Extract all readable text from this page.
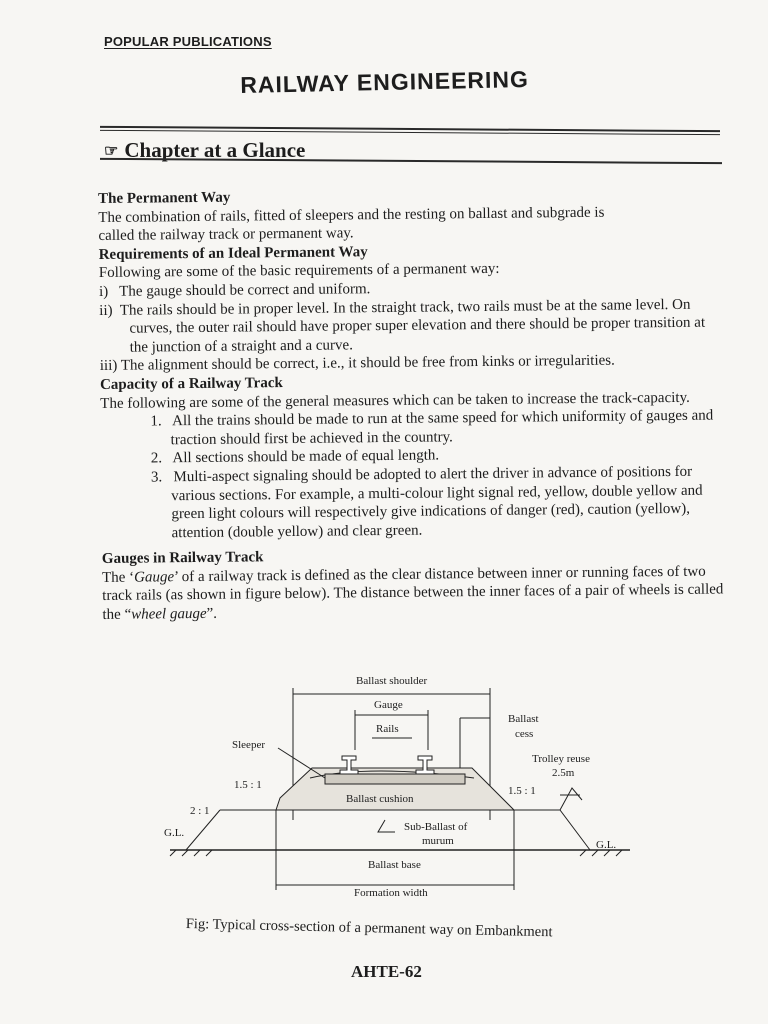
POPULAR PUBLICATIONS
RAILWAY ENGINEERING
☞ Chapter at a Glance

The Permanent Way

The combination of rails, fitted of sleepers and the resting on ballast and subgrade is

called the railway track or permanent way.

Requirements of an Ideal Permanent Way

Following are some of the basic requirements of a permanent way:

i)   The gauge should be correct and uniform.

ii)  The rails should be in proper level. In the straight track, two rails must be at the same level. On curves, the outer rail should have proper super elevation and there should be proper transition at the junction of a straight and a curve.

iii) The alignment should be correct, i.e., it should be free from kinks or irregularities.

Capacity of a Railway Track

The following are some of the general measures which can be taken to increase the track-capacity.

1.   All the trains should be made to run at the same speed for which uniformity of gauges and traction should first be achieved in the country.

2.   All sections should be made of equal length.

3.   Multi-aspect signaling should be adopted to alert the driver in advance of positions for various sections. For example, a multi-colour light signal red, yellow, double yellow and green light colours will respectively give indications of danger (red), caution (yellow), attention (double yellow) and clear green.

Gauges in Railway Track

The ‘Gauge’ of a railway track is defined as the clear distance between inner or running faces of two track rails (as shown in figure below). The distance between the inner faces of a pair of wheels is called the “wheel gauge”.

Ballast shoulder
Gauge
Rails
Ballast
cess
Sleeper
Trolley reuse
2.5m
1.5 : 1	1.5 : 1
2 : 1
Ballast cushion
Sub-Ballast of
murum
G.L.
G.L.
Ballast base
Formation width
Fig: Typical cross-section of a permanent way on Embankment
AHTE-62
